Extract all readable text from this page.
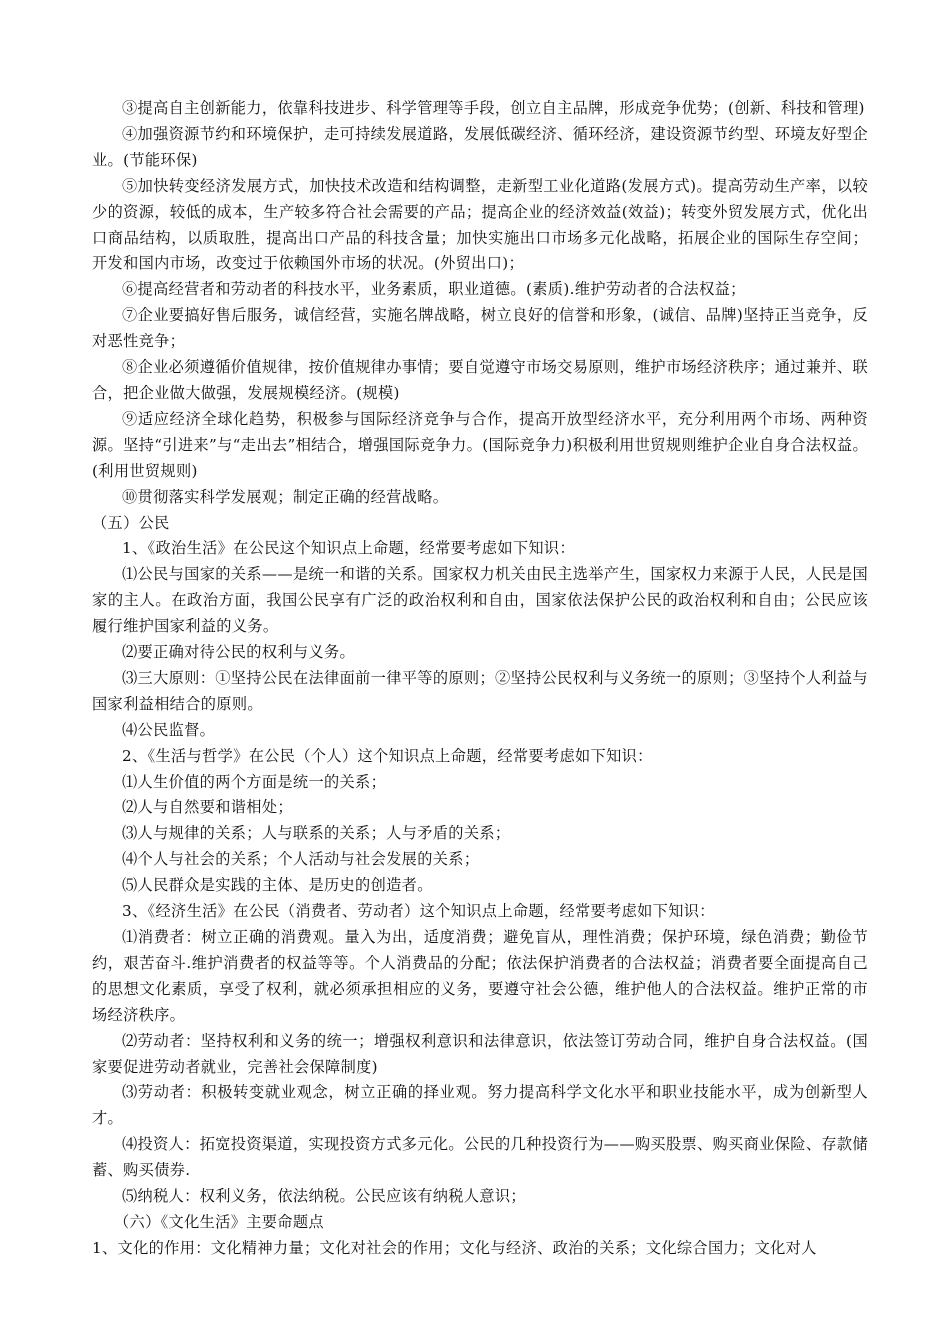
③提高自主创新能力，依靠科技进步、科学管理等手段，创立自主品牌，形成竞争优势；(创新、科技和管理)

④加强资源节约和环境保护，走可持续发展道路，发展低碳经济、循环经济，建设资源节约型、环境友好型企业。(节能环保)

⑤加快转变经济发展方式，加快技术改造和结构调整，走新型工业化道路(发展方式)。提高劳动生产率，以较少的资源，较低的成本，生产较多符合社会需要的产品；提高企业的经济效益(效益)；转变外贸发展方式，优化出口商品结构，以质取胜，提高出口产品的科技含量；加快实施出口市场多元化战略，拓展企业的国际生存空间；开发和国内市场，改变过于依赖国外市场的状况。(外贸出口)；

⑥提高经营者和劳动者的科技水平，业务素质，职业道德。(素质).维护劳动者的合法权益；

⑦企业要搞好售后服务，诚信经营，实施名牌战略，树立良好的信誉和形象，(诚信、品牌)坚持正当竞争，反对恶性竞争；

⑧企业必须遵循价值规律，按价值规律办事情；要自觉遵守市场交易原则，维护市场经济秩序；通过兼并、联合，把企业做大做强，发展规模经济。(规模)

⑨适应经济全球化趋势，积极参与国际经济竞争与合作，提高开放型经济水平，充分利用两个市场、两种资源。坚持“引进来”与“走出去”相结合，增强国际竞争力。(国际竞争力)积极利用世贸规则维护企业自身合法权益。(利用世贸规则)

⑩贯彻落实科学发展观；制定正确的经营战略。

（五）公民

1、《政治生活》在公民这个知识点上命题，经常要考虑如下知识：

⑴公民与国家的关系——是统一和谐的关系。国家权力机关由民主选举产生，国家权力来源于人民，人民是国家的主人。在政治方面，我国公民享有广泛的政治权利和自由，国家依法保护公民的政治权利和自由；公民应该履行维护国家利益的义务。

⑵要正确对待公民的权利与义务。

⑶三大原则：①坚持公民在法律面前一律平等的原则；②坚持公民权利与义务统一的原则；③坚持个人利益与国家利益相结合的原则。

⑷公民监督。

2、《生活与哲学》在公民（个人）这个知识点上命题，经常要考虑如下知识：

⑴人生价值的两个方面是统一的关系；

⑵人与自然要和谐相处；

⑶人与规律的关系；人与联系的关系；人与矛盾的关系；

⑷个人与社会的关系；个人活动与社会发展的关系；

⑸人民群众是实践的主体、是历史的创造者。

3、《经济生活》在公民（消费者、劳动者）这个知识点上命题，经常要考虑如下知识：

⑴消费者：树立正确的消费观。量入为出，适度消费；避免盲从，理性消费；保护环境，绿色消费；勤俭节约，艰苦奋斗.维护消费者的权益等等。个人消费品的分配；依法保护消费者的合法权益；消费者要全面提高自己的思想文化素质，享受了权利，就必须承担相应的义务，要遵守社会公德，维护他人的合法权益。维护正常的市场经济秩序。

⑵劳动者：坚持权利和义务的统一；增强权利意识和法律意识，依法签订劳动合同，维护自身合法权益。(国家要促进劳动者就业，完善社会保障制度)

⑶劳动者：积极转变就业观念，树立正确的择业观。努力提高科学文化水平和职业技能水平，成为创新型人才。

⑷投资人：拓宽投资渠道，实现投资方式多元化。公民的几种投资行为——购买股票、购买商业保险、存款储蓄、购买债券.

⑸纳税人：权利义务，依法纳税。公民应该有纳税人意识；

（六）《文化生活》主要命题点

1、文化的作用：文化精神力量；文化对社会的作用；文化与经济、政治的关系；文化综合国力；文化对人
